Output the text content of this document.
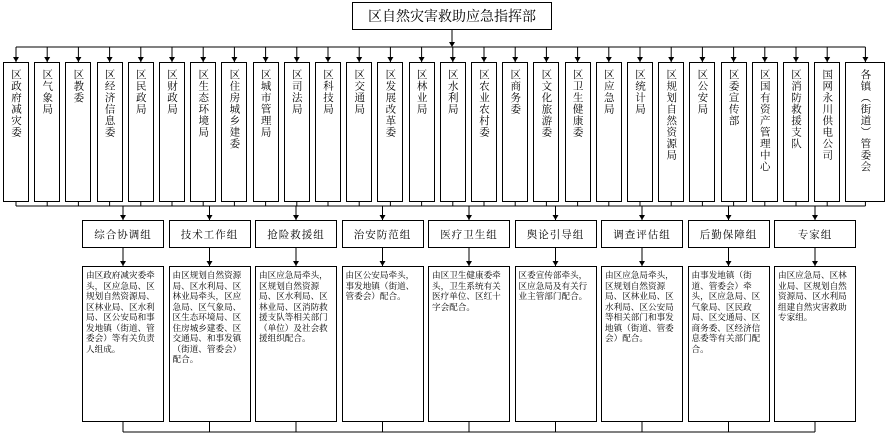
区自然灾害救助应急指挥部
区政府减灾委 区气象局 区教委 区经济信息委 区民政局 区财政局 区生态环境局 区住房城乡建委 区城市管理局 区司法局 区科技局 区交通局 区发展改革委 区林业局 区水利局 区农业农村委 区商务委 区文化旅游委 区卫生健康委 区应急局 区统计局 区规划自然资源局 区公安局 区委宣传部 区国有资产管理中心 区消防救援支队 国网永川供电公司 各镇（街道）管委会
综合协调组
由区政府减灾委牵头，区应急局、区规划自然资源局、区林业局、区水利局、区公安局和事发地镇（街道、管委会）等有关负责人组成。
技术工作组
由区规划自然资源局、区水利局、区林业局牵头，区应急局、区气象局、区生态环境局、区住房城乡建委、区交通局、和事发镇（街道、管委会）配合。
抢险救援组
由区应急局牵头，区规划自然资源局、区水利局、区林业局、区消防救援支队等相关部门（单位）及社会救援组织配合。
治安防范组
由区公安局牵头，事发地镇（街道、管委会）配合。
医疗卫生组
由区卫生健康委牵头，卫生系统有关医疗单位、区红十字会配合。
舆论引导组
区委宣传部牵头，区应急局及有关行业主管部门配合。
调查评估组
由区应急局牵头，区规划自然资源局、区林业局、区水利局、区公安局等相关部门和事发地镇（街道、管委会）配合。
后勤保障组
由事发地镇（街道、管委会）牵头，区应急局、区气象局、区民政局、区交通局、区商务委、区经济信息委等有关部门配合。
专家组
由区应急局、区林业局、区规划自然资源局、区水利局组建自然灾害救助专家组。
